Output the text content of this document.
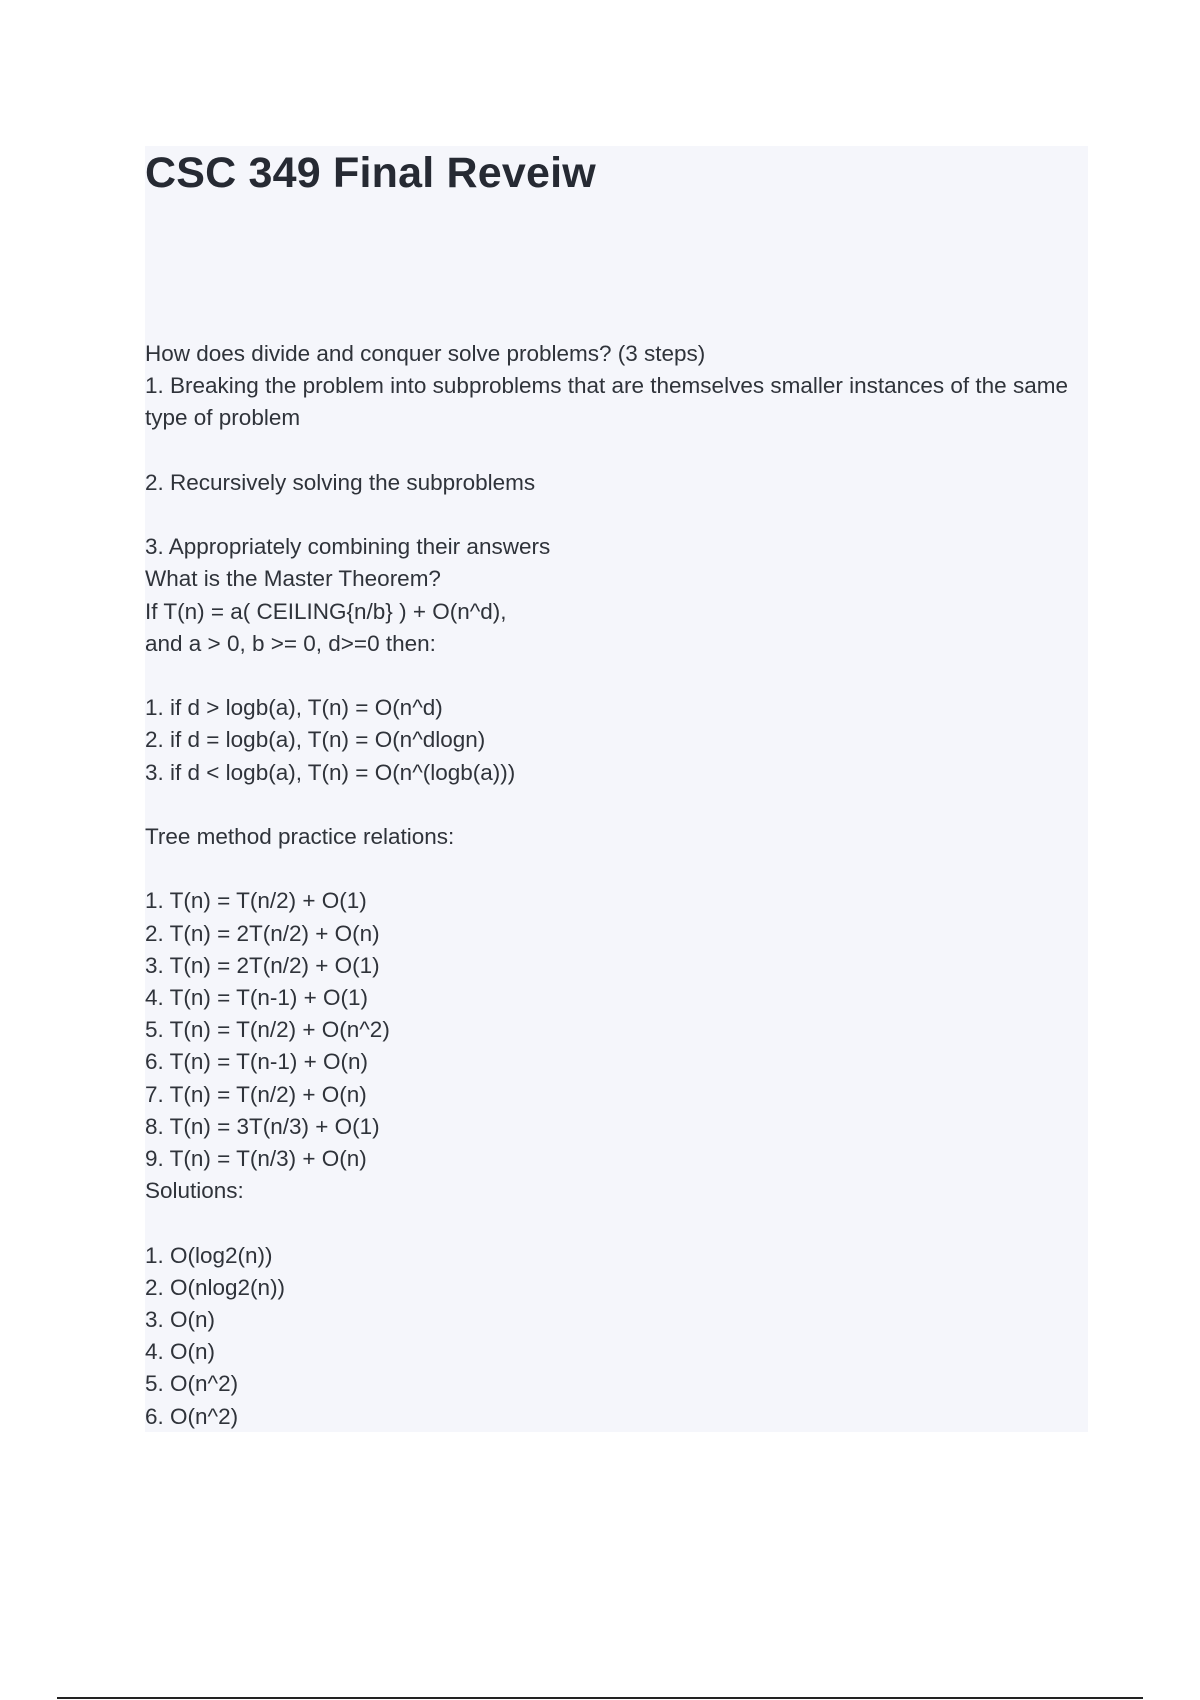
CSC 349 Final Reveiw
How does divide and conquer solve problems? (3 steps)
1. Breaking the problem into subproblems that are themselves smaller instances of the same type of problem
2. Recursively solving the subproblems
3. Appropriately combining their answers
What is the Master Theorem?
If T(n) = a( CEILING{n/b} ) + O(n^d),
and a > 0, b >= 0, d>=0 then:
1. if d > logb(a), T(n) = O(n^d)
2. if d = logb(a), T(n) = O(n^dlogn)
3. if d < logb(a), T(n) = O(n^(logb(a)))
Tree method practice relations:
1. T(n) = T(n/2) + O(1)
2. T(n) = 2T(n/2) + O(n)
3. T(n) = 2T(n/2) + O(1)
4. T(n) = T(n-1) + O(1)
5. T(n) = T(n/2) + O(n^2)
6. T(n) = T(n-1) + O(n)
7. T(n) = T(n/2) + O(n)
8. T(n) = 3T(n/3) + O(1)
9. T(n) = T(n/3) + O(n)
Solutions:
1. O(log2(n))
2. O(nlog2(n))
3. O(n)
4. O(n)
5. O(n^2)
6. O(n^2)
